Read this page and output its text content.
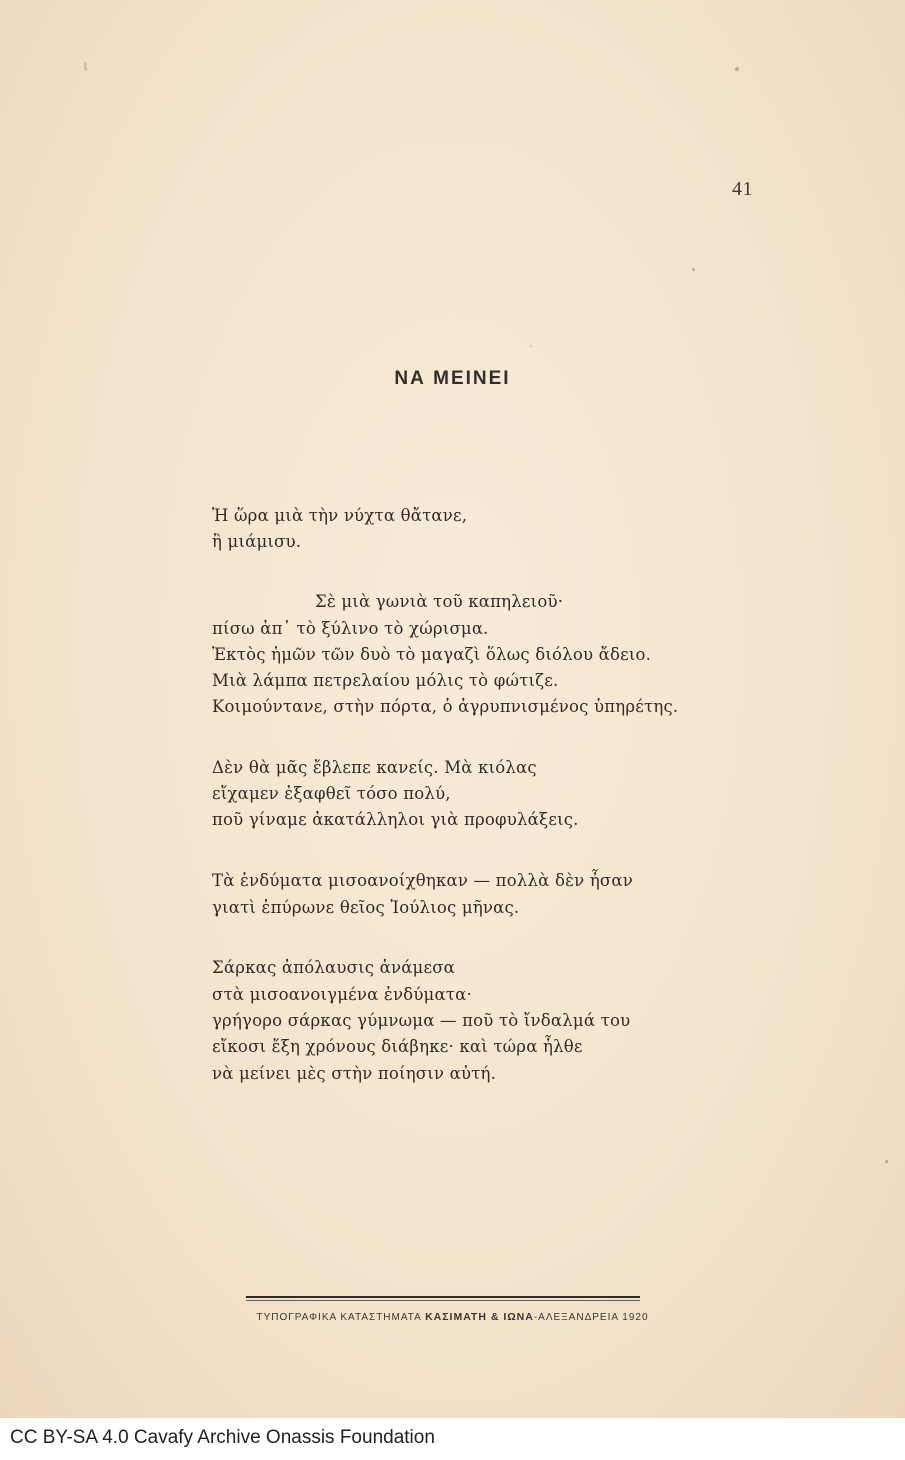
41
ΝΑ ΜΕΙΝΕΙ
Ἡ ὥρα μιὰ τὴν νύχτα θἄτανε,
ἢ μιάμισυ.
Σὲ μιὰ γωνιὰ τοῦ καπηλειοῦ·
πίσω ἀπ᾽ τὸ ξύλινο τὸ χώρισμα.
Ἐκτὸς ἡμῶν τῶν δυὸ τὸ μαγαζὶ ὅλως διόλου ἄδειο.
Μιὰ λάμπα πετρελαίου μόλις τὸ φώτιζε.
Κοιμούντανε, στὴν πόρτα, ὁ ἀγρυπνισμένος ὑπηρέτης.
Δὲν θὰ μᾶς ἔβλεπε κανείς. Μὰ κιόλας
εἴχαμεν ἐξαφθεῖ τόσο πολύ,
ποῦ γίναμε ἀκατάλληλοι γιὰ προφυλάξεις.
Τὰ ἐνδύματα μισοανοίχθηκαν — πολλὰ δὲν ἦσαν
γιατὶ ἐπύρωνε θεῖος Ἰούλιος μῆνας.
Σάρκας ἀπόλαυσις ἀνάμεσα
στὰ μισοανοιγμένα ἐνδύματα·
γρήγορο σάρκας γύμνωμα — ποῦ τὸ ἴνδαλμά του
εἴκοσι ἔξη χρόνους διάβηκε· καὶ τώρα ἦλθε
νὰ μείνει μὲς στὴν ποίησιν αὐτή.
ΤΥΠΟΓΡΑΦΙΚΑ ΚΑΤΑΣΤΗΜΑΤΑ ΚΑΣΙΜΑΤΗ & ΙΩΝΑ-ΑΛΕΞΑΝΔΡΕΙΑ 1920
CC BY-SA 4.0 Cavafy Archive Onassis Foundation
